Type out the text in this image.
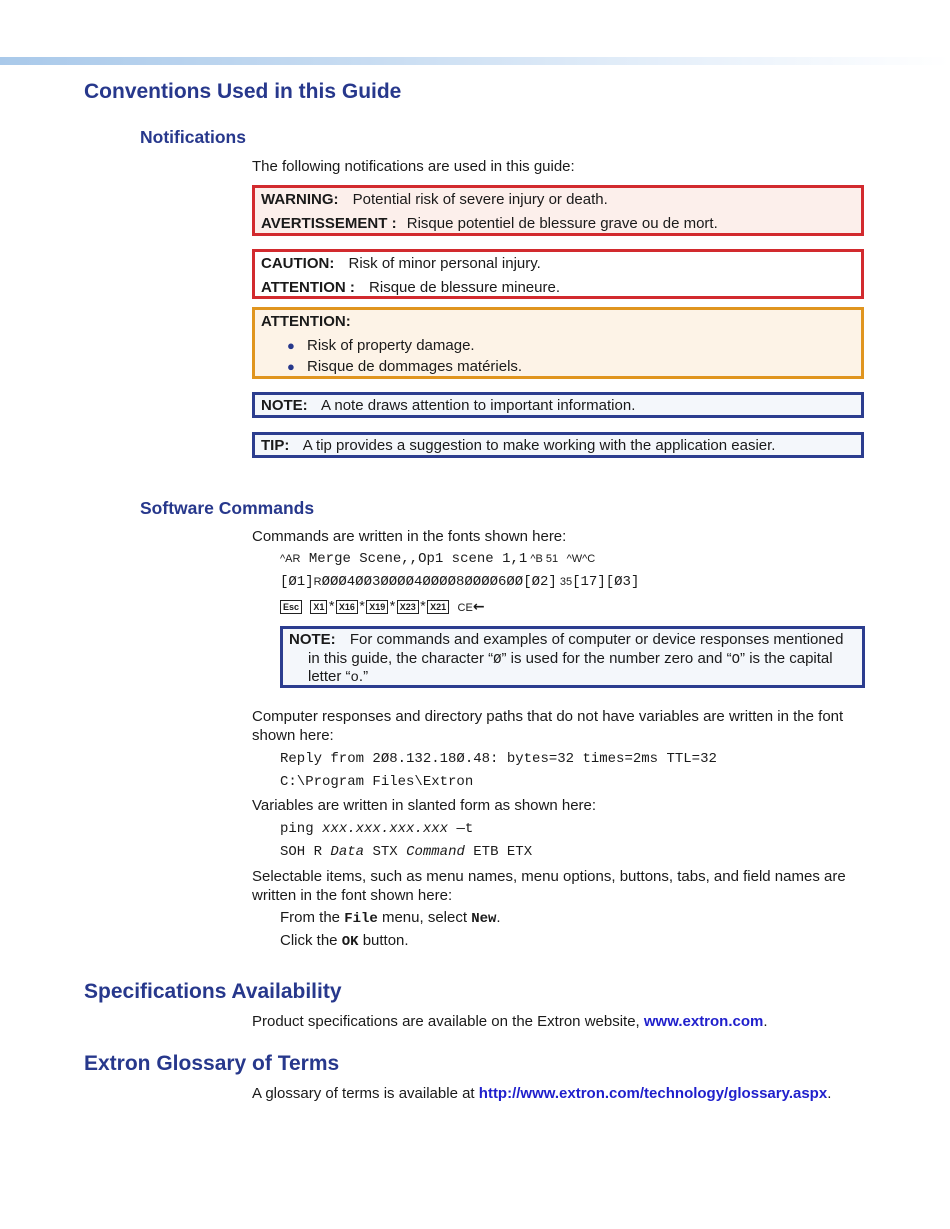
Conventions Used in this Guide
Notifications
The following notifications are used in this guide:
WARNING: Potential risk of severe injury or death.
AVERTISSEMENT : Risque potentiel de blessure grave ou de mort.
CAUTION: Risk of minor personal injury.
ATTENTION : Risque de blessure mineure.
ATTENTION:
● Risk of property damage.
● Risque de dommages matériels.
NOTE: A note draws attention to important information.
TIP: A tip provides a suggestion to make working with the application easier.
Software Commands
Commands are written in the fonts shown here:
^AR Merge Scene,,Op1 scene 1,1 ^B 51 ^W^C
[Ø1]RØØØ4ØØ3ØØØØ4ØØØØ8ØØØØ6ØØ[Ø2] 35[17][Ø3]
Esc X1 * X16 * X19 * X23 * X21 CE←
NOTE: For commands and examples of computer or device responses mentioned
in this guide, the character “Ø” is used for the number zero and “O” is the capital
letter “o.”
Computer responses and directory paths that do not have variables are written in the font
shown here:
Reply from 2Ø8.132.18Ø.48: bytes=32 times=2ms TTL=32
C:\Program Files\Extron
Variables are written in slanted form as shown here:
ping xxx.xxx.xxx.xxx —t
SOH R Data STX Command ETB ETX
Selectable items, such as menu names, menu options, buttons, tabs, and field names are
written in the font shown here:
From the File menu, select New.
Click the OK button.
Specifications Availability
Product specifications are available on the Extron website, www.extron.com.
Extron Glossary of Terms
A glossary of terms is available at http://www.extron.com/technology/glossary.aspx.
